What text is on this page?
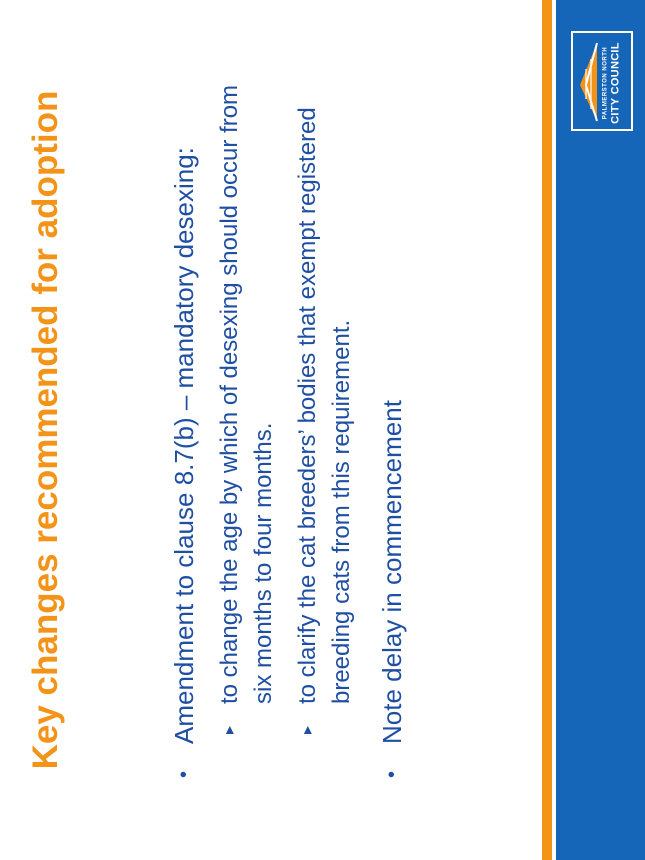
PALMERSTON NORTH CITY COUNCIL
Key changes recommended for adoption
•
Amendment to clause 8.7(b) – mandatory desexing:	▸
to change the age by which of desexing should occur from six months to four months.
▸
to clarify the cat breeders’ bodies that exempt registered breeding cats from this requirement.
•
Note delay in commencement
